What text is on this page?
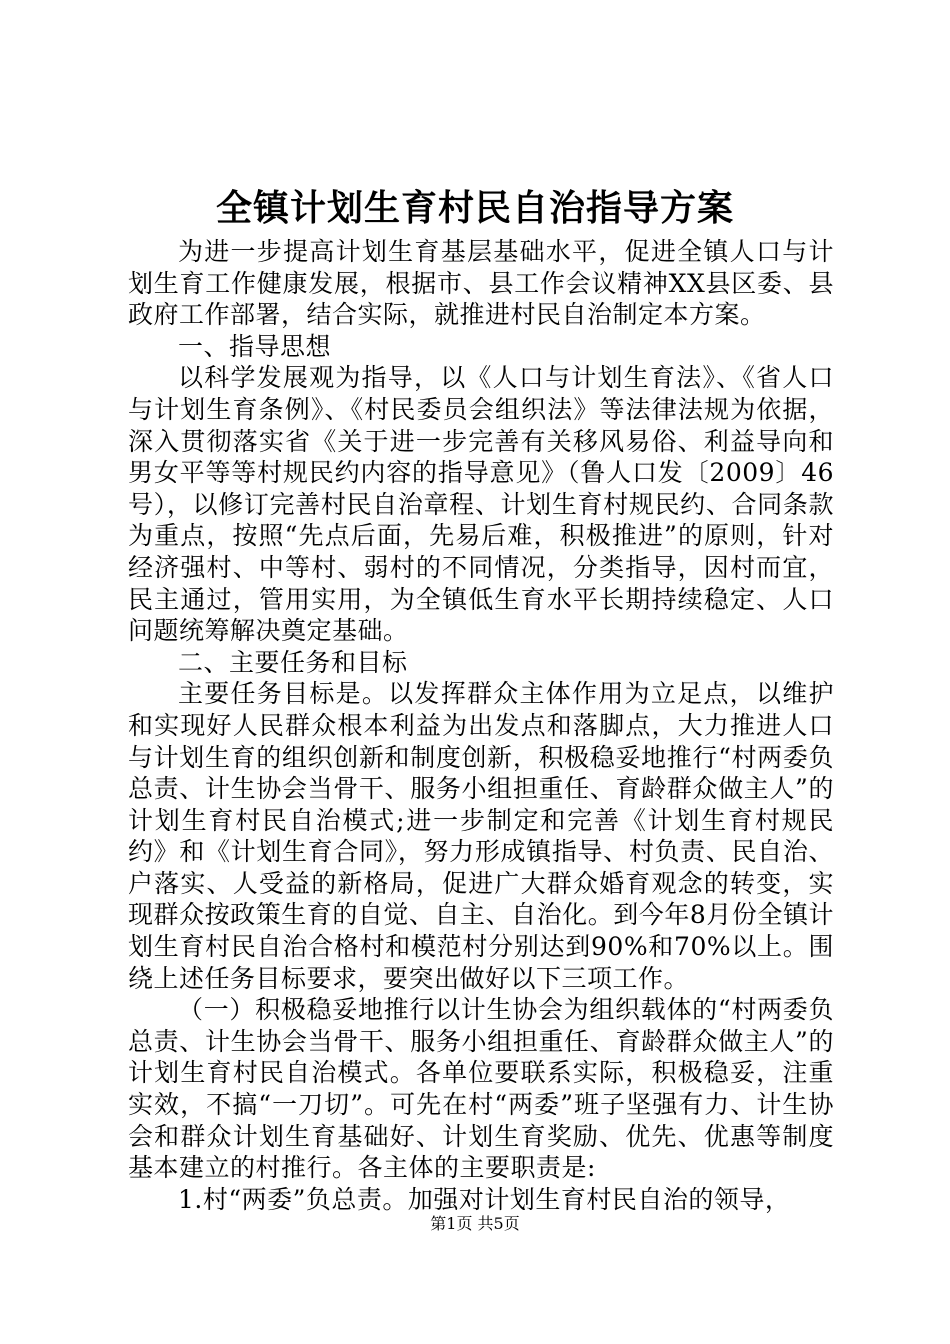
全镇计划生育村民自治指导方案

为进一步提高计划生育基层基础水平，促进全镇人口与计划生育工作健康发展，根据市、县工作会议精神XX县区委、县政府工作部署，结合实际，就推进村民自治制定本方案。

一、指导思想

以科学发展观为指导，以《人口与计划生育法》、《省人口与计划生育条例》、《村民委员会组织法》等法律法规为依据，深入贯彻落实省《关于进一步完善有关移风易俗、利益导向和男女平等等村规民约内容的指导意见》（鲁人口发〔2009〕46号），以修订完善村民自治章程、计划生育村规民约、合同条款为重点，按照“先点后面，先易后难，积极推进”的原则，针对经济强村、中等村、弱村的不同情况，分类指导，因村而宜，民主通过，管用实用，为全镇低生育水平长期持续稳定、人口问题统筹解决奠定基础。

二、主要任务和目标

主要任务目标是。以发挥群众主体作用为立足点，以维护和实现好人民群众根本利益为出发点和落脚点，大力推进人口与计划生育的组织创新和制度创新，积极稳妥地推行“村两委负总责、计生协会当骨干、服务小组担重任、育龄群众做主人”的计划生育村民自治模式;进一步制定和完善《计划生育村规民约》和《计划生育合同》，努力形成镇指导、村负责、民自治、户落实、人受益的新格局，促进广大群众婚育观念的转变，实现群众按政策生育的自觉、自主、自治化。到今年8月份全镇计划生育村民自治合格村和模范村分别达到90%和70%以上。围绕上述任务目标要求，要突出做好以下三项工作。

（一）积极稳妥地推行以计生协会为组织载体的“村两委负总责、计生协会当骨干、服务小组担重任、育龄群众做主人”的计划生育村民自治模式。各单位要联系实际，积极稳妥，注重实效，不搞“一刀切”。可先在村“两委”班子坚强有力、计生协会和群众计划生育基础好、计划生育奖励、优先、优惠等制度基本建立的村推行。各主体的主要职责是:

1.村“两委”负总责。加强对计划生育村民自治的领导，

第1页 共5页
